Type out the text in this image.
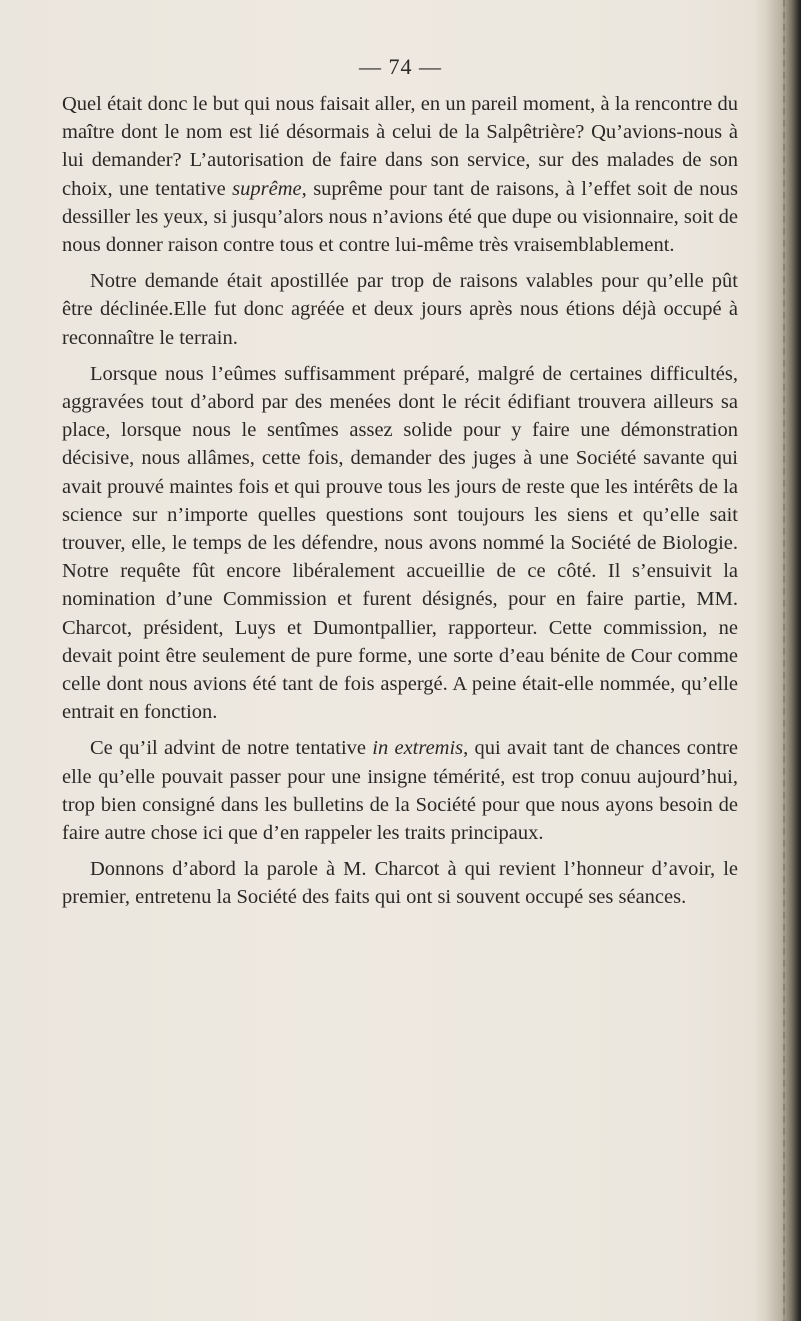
— 74 —

Quel était donc le but qui nous faisait aller, en un pareil moment, à la rencontre du maître dont le nom est lié désormais à celui de la Salpêtrière? Qu’avions-nous à lui demander? L’autorisation de faire dans son service, sur des malades de son choix, une tentative suprême, suprême pour tant de raisons, à l’effet soit de nous dessiller les yeux, si jusqu’alors nous n’avions été que dupe ou visionnaire, soit de nous donner raison contre tous et contre lui-même très vraisemblablement.

Notre demande était apostillée par trop de raisons valables pour qu’elle pût être déclinée.Elle fut donc agréée et deux jours après nous étions déjà occupé à reconnaître le terrain.

Lorsque nous l’eûmes suffisamment préparé, malgré de certaines difficultés, aggravées tout d’abord par des menées dont le récit édifiant trouvera ailleurs sa place, lorsque nous le sentîmes assez solide pour y faire une démonstration décisive, nous allâmes, cette fois, demander des juges à une Société savante qui avait prouvé maintes fois et qui prouve tous les jours de reste que les intérêts de la science sur n’importe quelles questions sont toujours les siens et qu’elle sait trouver, elle, le temps de les défendre, nous avons nommé la Société de Biologie. Notre requête fût encore libéralement accueillie de ce côté. Il s’ensuivit la nomination d’une Commission et furent désignés, pour en faire partie, MM. Charcot, président, Luys et Dumontpallier, rapporteur. Cette commission, ne devait point être seulement de pure forme, une sorte d’eau bénite de Cour comme celle dont nous avions été tant de fois aspergé. A peine était-elle nommée, qu’elle entrait en fonction.

Ce qu’il advint de notre tentative in extremis, qui avait tant de chances contre elle qu’elle pouvait passer pour une insigne témérité, est trop conuu aujourd’hui, trop bien consigné dans les bulletins de la Société pour que nous ayons besoin de faire autre chose ici que d’en rappeler les traits principaux.

Donnons d’abord la parole à M. Charcot à qui revient l’honneur d’avoir, le premier, entretenu la Société des faits qui ont si souvent occupé ses séances.
